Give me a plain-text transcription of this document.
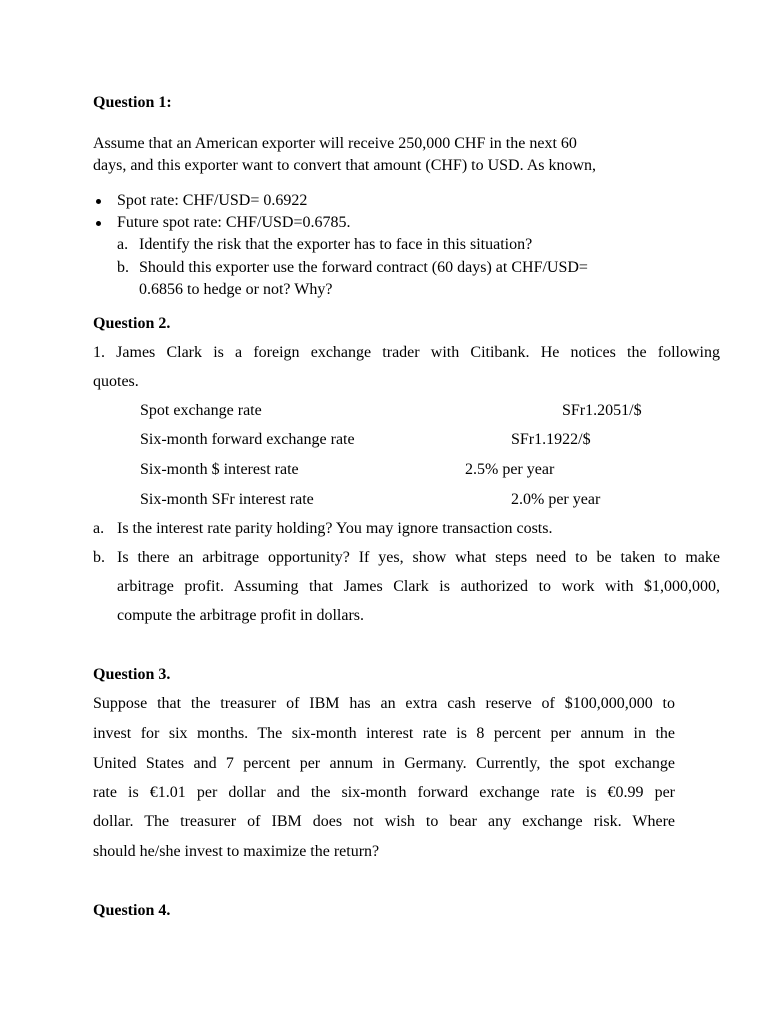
Question 1:
Assume that an American exporter will receive 250,000 CHF in the next 60
days, and this exporter want to convert that amount (CHF) to USD. As known,
Spot rate: CHF/USD= 0.6922
Future spot rate: CHF/USD=0.6785.
a. Identify the risk that the exporter has to face in this situation?
b. Should this exporter use the forward contract (60 days) at CHF/USD=
0.6856 to hedge or not? Why?
Question 2.
1. James Clark is a foreign exchange trader with Citibank. He notices the following
quotes.
Spot exchange rate	SFr1.2051/$
Six-month forward exchange rate	SFr1.1922/$
Six-month $ interest rate	2.5% per year
Six-month SFr interest rate	2.0% per year
a. Is the interest rate parity holding? You may ignore transaction costs.
b. Is there an arbitrage opportunity? If yes, show what steps need to be taken to make
arbitrage profit. Assuming that James Clark is authorized to work with $1,000,000,
compute the arbitrage profit in dollars.
Question 3.
Suppose that the treasurer of IBM has an extra cash reserve of $100,000,000 to
invest for six months. The six-month interest rate is 8 percent per annum in the
United States and 7 percent per annum in Germany. Currently, the spot exchange
rate is €1.01 per dollar and the six-month forward exchange rate is €0.99 per
dollar. The treasurer of IBM does not wish to bear any exchange risk. Where
should he/she invest to maximize the return?
Question 4.
